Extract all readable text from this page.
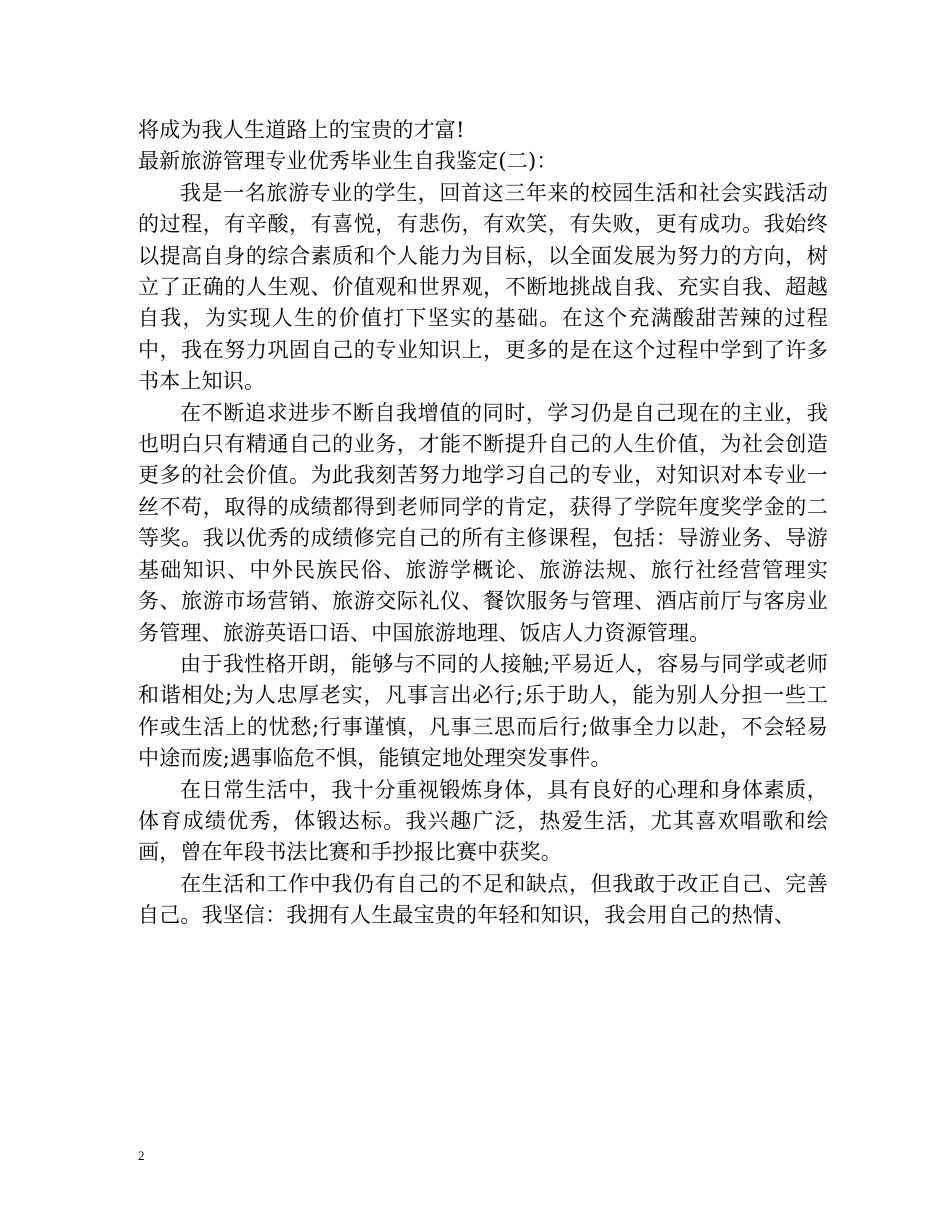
将成为我人生道路上的宝贵的才富!

最新旅游管理专业优秀毕业生自我鉴定(二)：

我是一名旅游专业的学生，回首这三年来的校园生活和社会实践活动的过程，有辛酸，有喜悦，有悲伤，有欢笑，有失败，更有成功。我始终以提高自身的综合素质和个人能力为目标，以全面发展为努力的方向，树立了正确的人生观、价值观和世界观，不断地挑战自我、充实自我、超越自我，为实现人生的价值打下坚实的基础。在这个充满酸甜苦辣的过程中，我在努力巩固自己的专业知识上，更多的是在这个过程中学到了许多书本上知识。

在不断追求进步不断自我增值的同时，学习仍是自己现在的主业，我也明白只有精通自己的业务，才能不断提升自己的人生价值，为社会创造更多的社会价值。为此我刻苦努力地学习自己的专业，对知识对本专业一丝不苟，取得的成绩都得到老师同学的肯定，获得了学院年度奖学金的二等奖。我以优秀的成绩修完自己的所有主修课程，包括：导游业务、导游基础知识、中外民族民俗、旅游学概论、旅游法规、旅行社经营管理实务、旅游市场营销、旅游交际礼仪、餐饮服务与管理、酒店前厅与客房业务管理、旅游英语口语、中国旅游地理、饭店人力资源管理。

由于我性格开朗，能够与不同的人接触;平易近人，容易与同学或老师和谐相处;为人忠厚老实，凡事言出必行;乐于助人，能为别人分担一些工作或生活上的忧愁;行事谨慎，凡事三思而后行;做事全力以赴，不会轻易中途而废;遇事临危不惧，能镇定地处理突发事件。

在日常生活中，我十分重视锻炼身体，具有良好的心理和身体素质，体育成绩优秀，体锻达标。我兴趣广泛，热爱生活，尤其喜欢唱歌和绘画，曾在年段书法比赛和手抄报比赛中获奖。

在生活和工作中我仍有自己的不足和缺点，但我敢于改正自己、完善自己。我坚信：我拥有人生最宝贵的年轻和知识，我会用自己的热情、

2
